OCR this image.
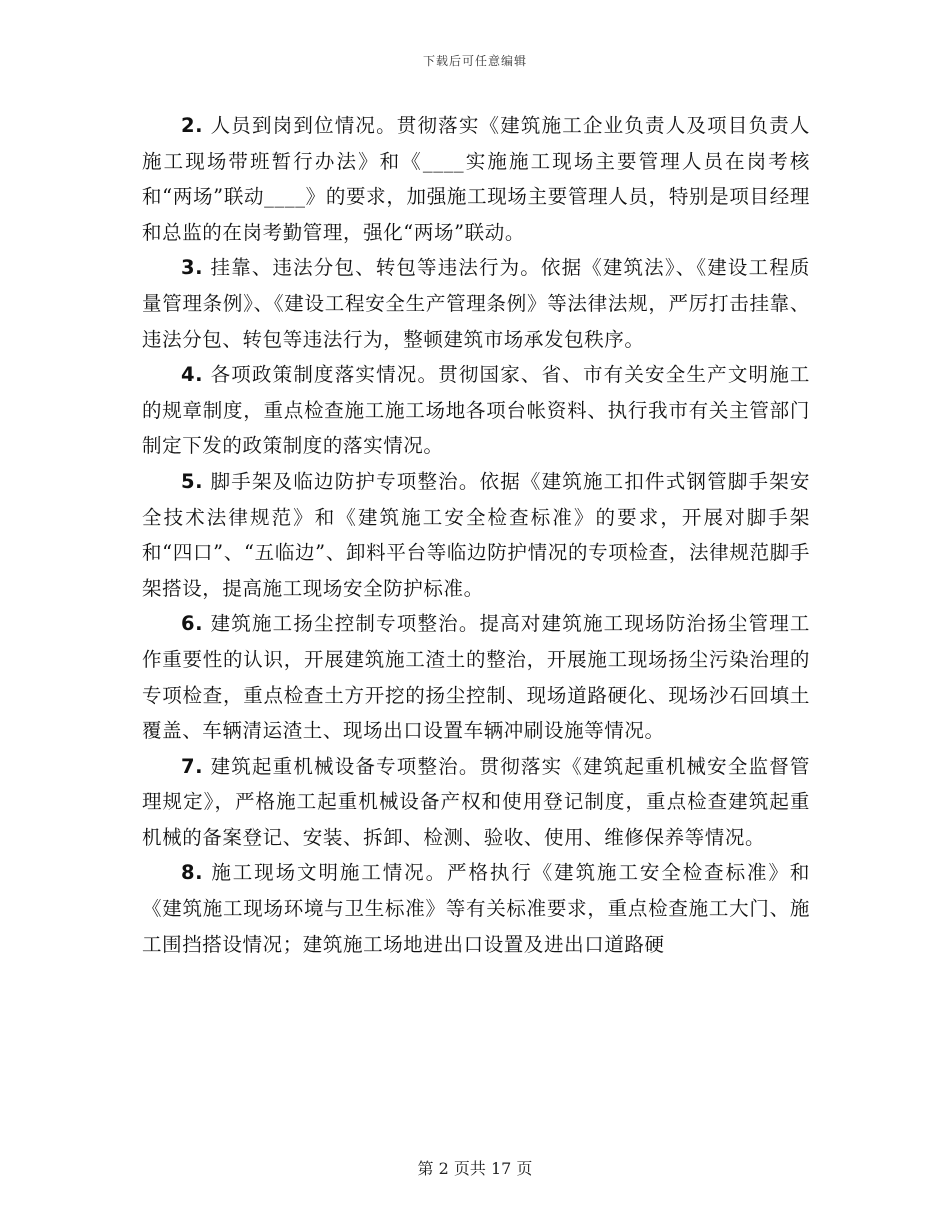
下载后可任意编辑

2. 人员到岗到位情况。贯彻落实《建筑施工企业负责人及项目负责人施工现场带班暂行办法》和《____实施施工现场主要管理人员在岗考核和“两场”联动____》的要求，加强施工现场主要管理人员，特别是项目经理和总监的在岗考勤管理，强化“两场”联动。

3. 挂靠、违法分包、转包等违法行为。依据《建筑法》、《建设工程质量管理条例》、《建设工程安全生产管理条例》等法律法规，严厉打击挂靠、违法分包、转包等违法行为，整顿建筑市场承发包秩序。

4. 各项政策制度落实情况。贯彻国家、省、市有关安全生产文明施工的规章制度，重点检查施工施工场地各项台帐资料、执行我市有关主管部门制定下发的政策制度的落实情况。

5. 脚手架及临边防护专项整治。依据《建筑施工扣件式钢管脚手架安全技术法律规范》和《建筑施工安全检查标准》的要求，开展对脚手架和“四口”、“五临边”、卸料平台等临边防护情况的专项检查，法律规范脚手架搭设，提高施工现场安全防护标准。

6. 建筑施工扬尘控制专项整治。提高对建筑施工现场防治扬尘管理工作重要性的认识，开展建筑施工渣土的整治，开展施工现场扬尘污染治理的专项检查，重点检查土方开挖的扬尘控制、现场道路硬化、现场沙石回填土覆盖、车辆清运渣土、现场出口设置车辆冲刷设施等情况。

7. 建筑起重机械设备专项整治。贯彻落实《建筑起重机械安全监督管理规定》，严格施工起重机械设备产权和使用登记制度，重点检查建筑起重机械的备案登记、安装、拆卸、检测、验收、使用、维修保养等情况。

8. 施工现场文明施工情况。严格执行《建筑施工安全检查标准》和《建筑施工现场环境与卫生标准》等有关标准要求，重点检查施工大门、施工围挡搭设情况；建筑施工场地进出口设置及进出口道路硬

第 2 页共 17 页
